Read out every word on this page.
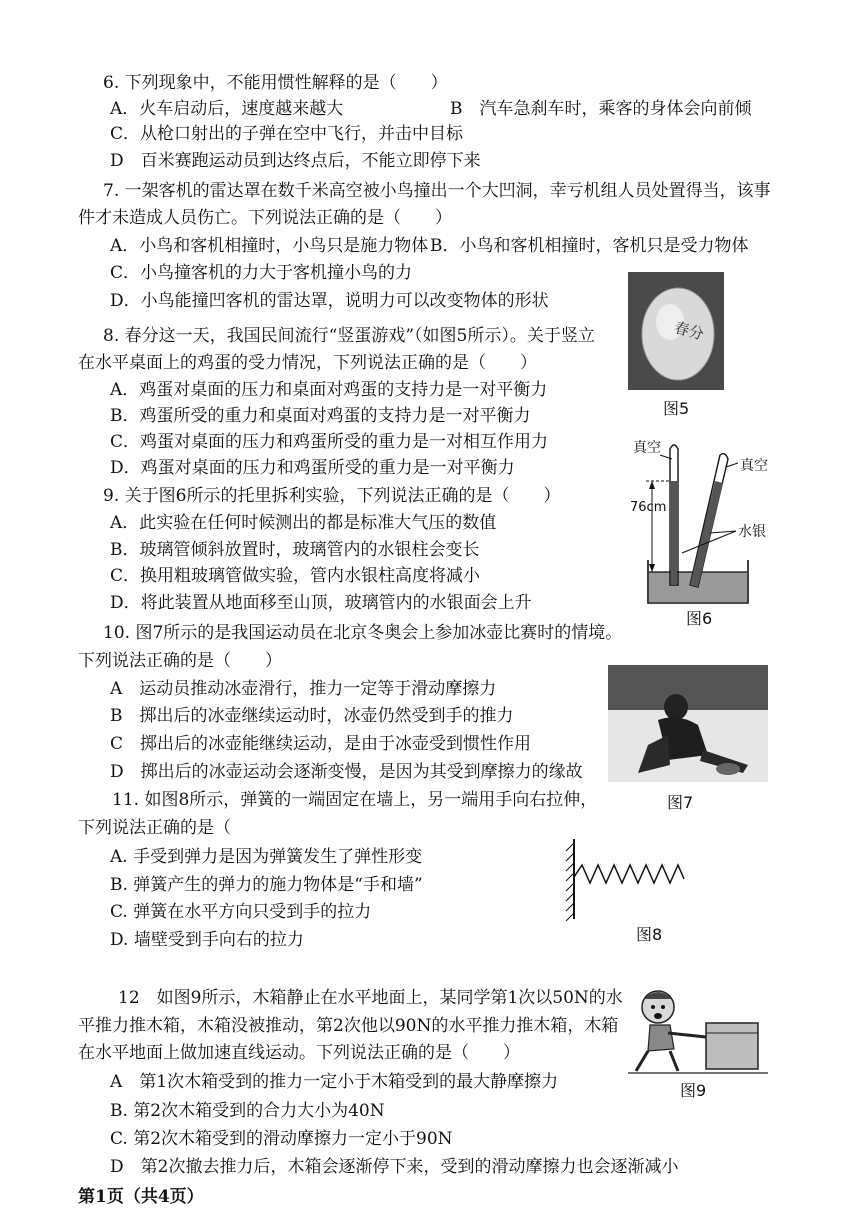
6. 下列现象中，不能用惯性解释的是（　　）
A．火车启动后，速度越来越大	B　汽车急刹车时，乘客的身体会向前倾
C．从枪口射出的子弹在空中飞行，并击中目标
D　百米赛跑运动员到达终点后，不能立即停下来
7. 一架客机的雷达罩在数千米高空被小鸟撞出一个大凹洞，幸亏机组人员处置得当，该事
件才未造成人员伤亡。下列说法正确的是（　　）
A．小鸟和客机相撞时，小鸟只是施力物体 B．小鸟和客机相撞时，客机只是受力物体
C．小鸟撞客机的力大于客机撞小鸟的力
D．小鸟能撞凹客机的雷达罩，说明力可以改变物体的形状
春分
图5
8. 春分这一天，我国民间流行“竖蛋游戏”（如图5所示）。关于竖立
在水平桌面上的鸡蛋的受力情况，下列说法正确的是（　　）
A．鸡蛋对桌面的压力和桌面对鸡蛋的支持力是一对平衡力
B．鸡蛋所受的重力和桌面对鸡蛋的支持力是一对平衡力
C．鸡蛋对桌面的压力和鸡蛋所受的重力是一对相互作用力
D．鸡蛋对桌面的压力和鸡蛋所受的重力是一对平衡力
真空
真空
76cm
水银
图6
9. 关于图6所示的托里拆利实验，下列说法正确的是（　　）
A．此实验在任何时候测出的都是标准大气压的数值
B．玻璃管倾斜放置时，玻璃管内的水银柱会变长
C．换用粗玻璃管做实验，管内水银柱高度将减小
D．将此装置从地面移至山顶，玻璃管内的水银面会上升
10. 图7所示的是我国运动员在北京冬奥会上参加冰壶比赛时的情境。
下列说法正确的是（　　）
A　运动员推动冰壶滑行，推力一定等于滑动摩擦力
B　掷出后的冰壶继续运动时，冰壶仍然受到手的推力
C　掷出后的冰壶能继续运动，是由于冰壶受到惯性作用
D　掷出后的冰壶运动会逐渐变慢，是因为其受到摩擦力的缘故
图7
11. 如图8所示，弹簧的一端固定在墙上，另一端用手向右拉伸，
下列说法正确的是（
A. 手受到弹力是因为弹簧发生了弹性形变
B. 弹簧产生的弹力的施力物体是“手和墙”
C. 弹簧在水平方向只受到手的拉力
D. 墙壁受到手向右的拉力	图8
12　如图9所示，木箱静止在水平地面上，某同学第1次以50N的水
平推力推木箱，木箱没被推动，第2次他以90N的水平推力推木箱，木箱
在水平地面上做加速直线运动。下列说法正确的是（　　）
A　第1次木箱受到的推力一定小于木箱受到的最大静摩擦力
B. 第2次木箱受到的合力大小为40N
C. 第2次木箱受到的滑动摩擦力一定小于90N
D　第2次撤去推力后，木箱会逐渐停下来，受到的滑动摩擦力也会逐渐减小
图9
第1页（共4页）
